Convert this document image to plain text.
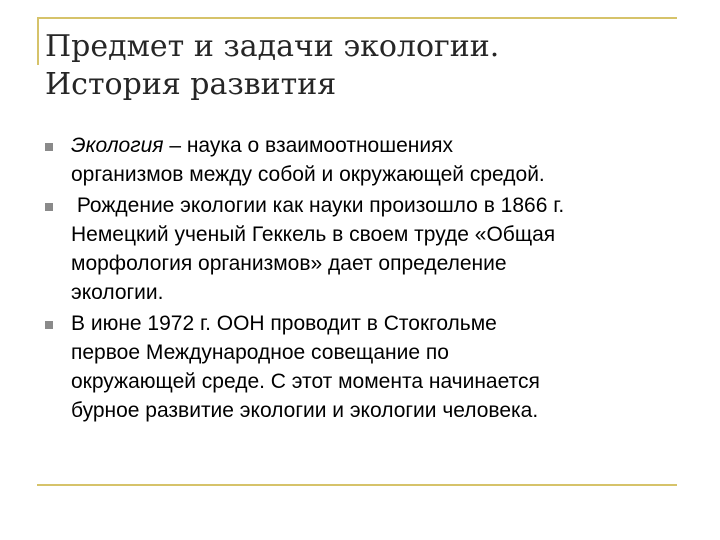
Предмет и задачи экологии.
История развития
Экология – наука о взаимоотношениях
организмов между собой и окружающей средой.
Рождение экологии как науки произошло в 1866 г.
Немецкий ученый Геккель в своем труде «Общая
морфология организмов» дает определение
экологии.
В июне 1972 г. ООН проводит в Стокгольме
первое Международное совещание по
окружающей среде. С этот момента начинается
бурное развитие экологии и экологии человека.
